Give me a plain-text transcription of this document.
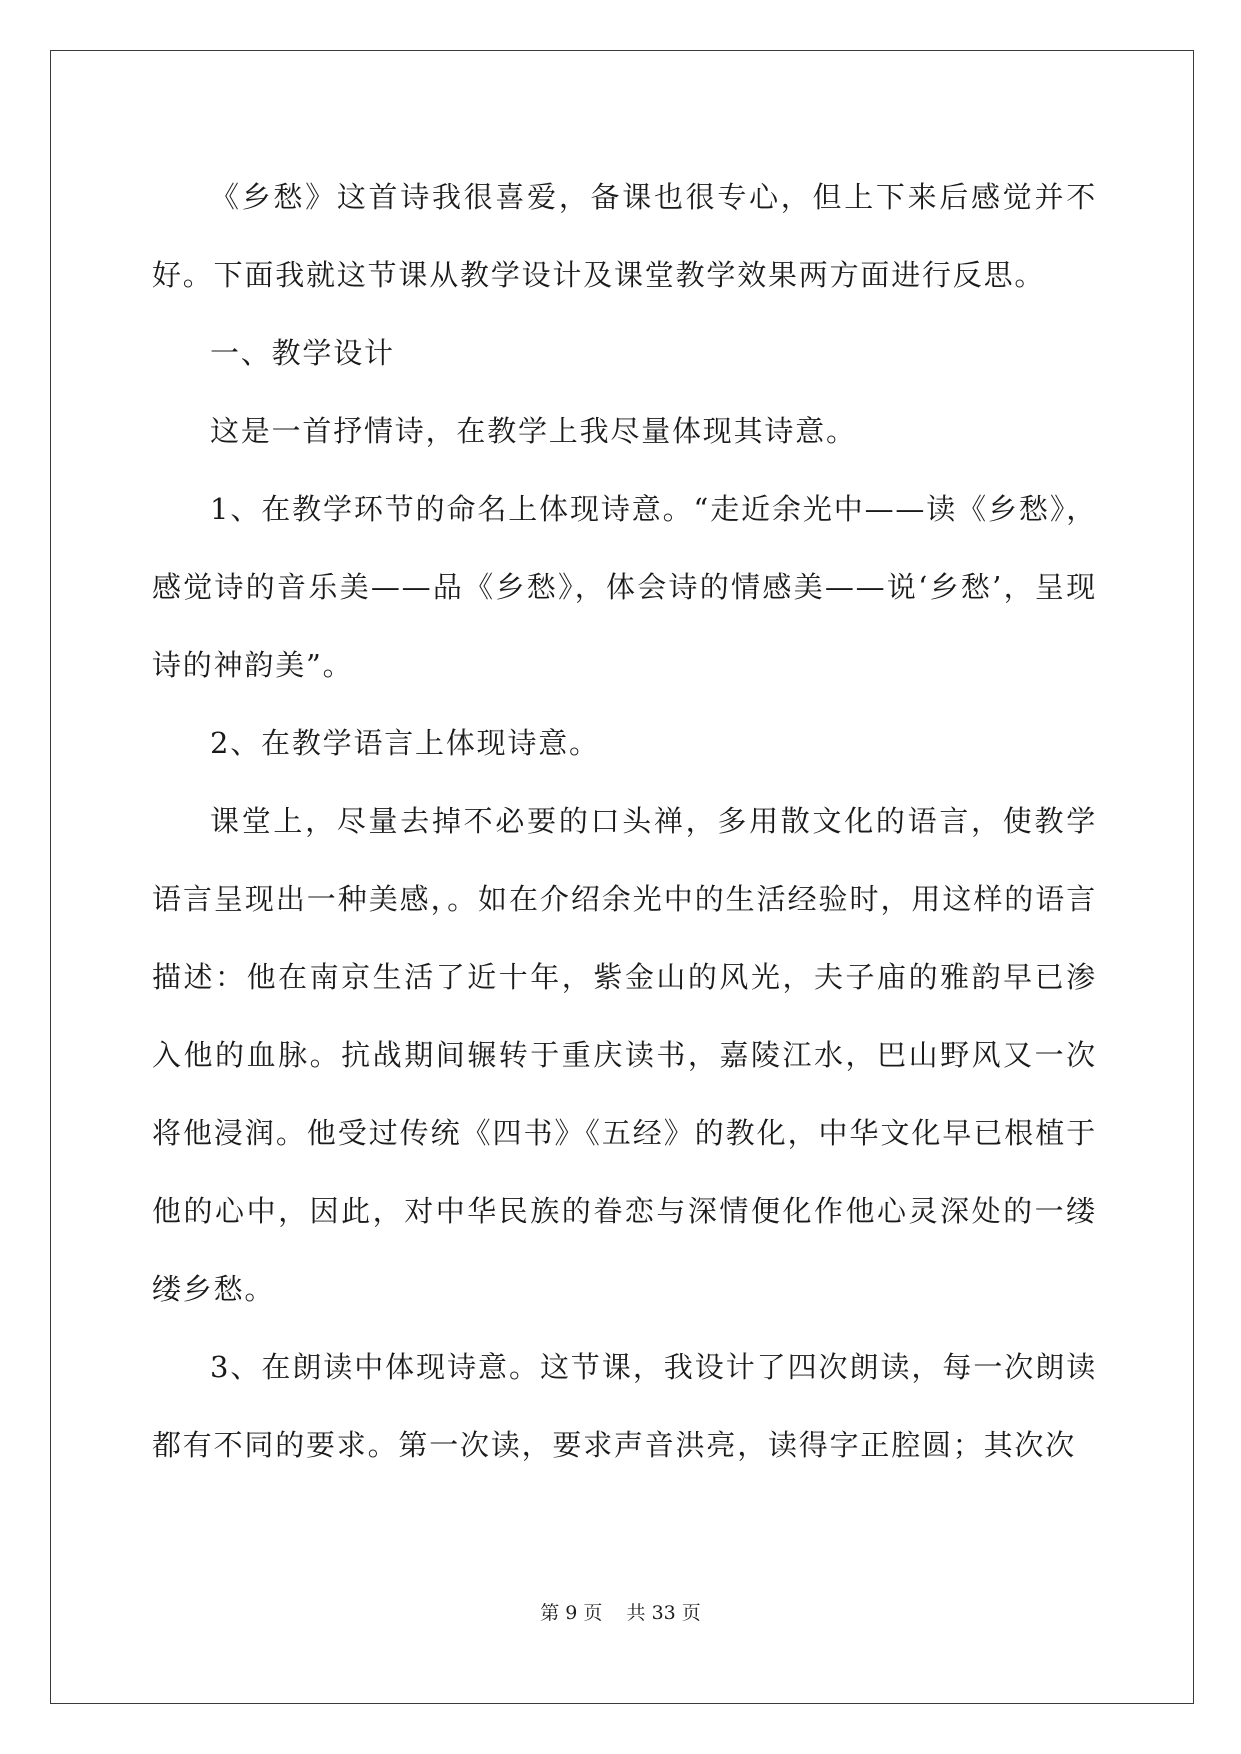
《乡愁》这首诗我很喜爱，备课也很专心，但上下来后感觉并不好。下面我就这节课从教学设计及课堂教学效果两方面进行反思。

一、教学设计

这是一首抒情诗，在教学上我尽量体现其诗意。

1、在教学环节的命名上体现诗意。“走近余光中——读《乡愁》，感觉诗的音乐美——品《乡愁》，体会诗的情感美——说‘乡愁’，呈现诗的神韵美”。

2、在教学语言上体现诗意。

课堂上，尽量去掉不必要的口头禅，多用散文化的语言，使教学语言呈现出一种美感，。如在介绍余光中的生活经验时，用这样的语言描述：他在南京生活了近十年，紫金山的风光，夫子庙的雅韵早已渗入他的血脉。抗战期间辗转于重庆读书，嘉陵江水，巴山野风又一次将他浸润。他受过传统《四书》《五经》的教化，中华文化早已根植于他的心中，因此，对中华民族的眷恋与深情便化作他心灵深处的一缕缕乡愁。

3、在朗读中体现诗意。这节课，我设计了四次朗读，每一次朗读都有不同的要求。第一次读，要求声音洪亮，读得字正腔圆；其次次

第 9 页 共 33 页
